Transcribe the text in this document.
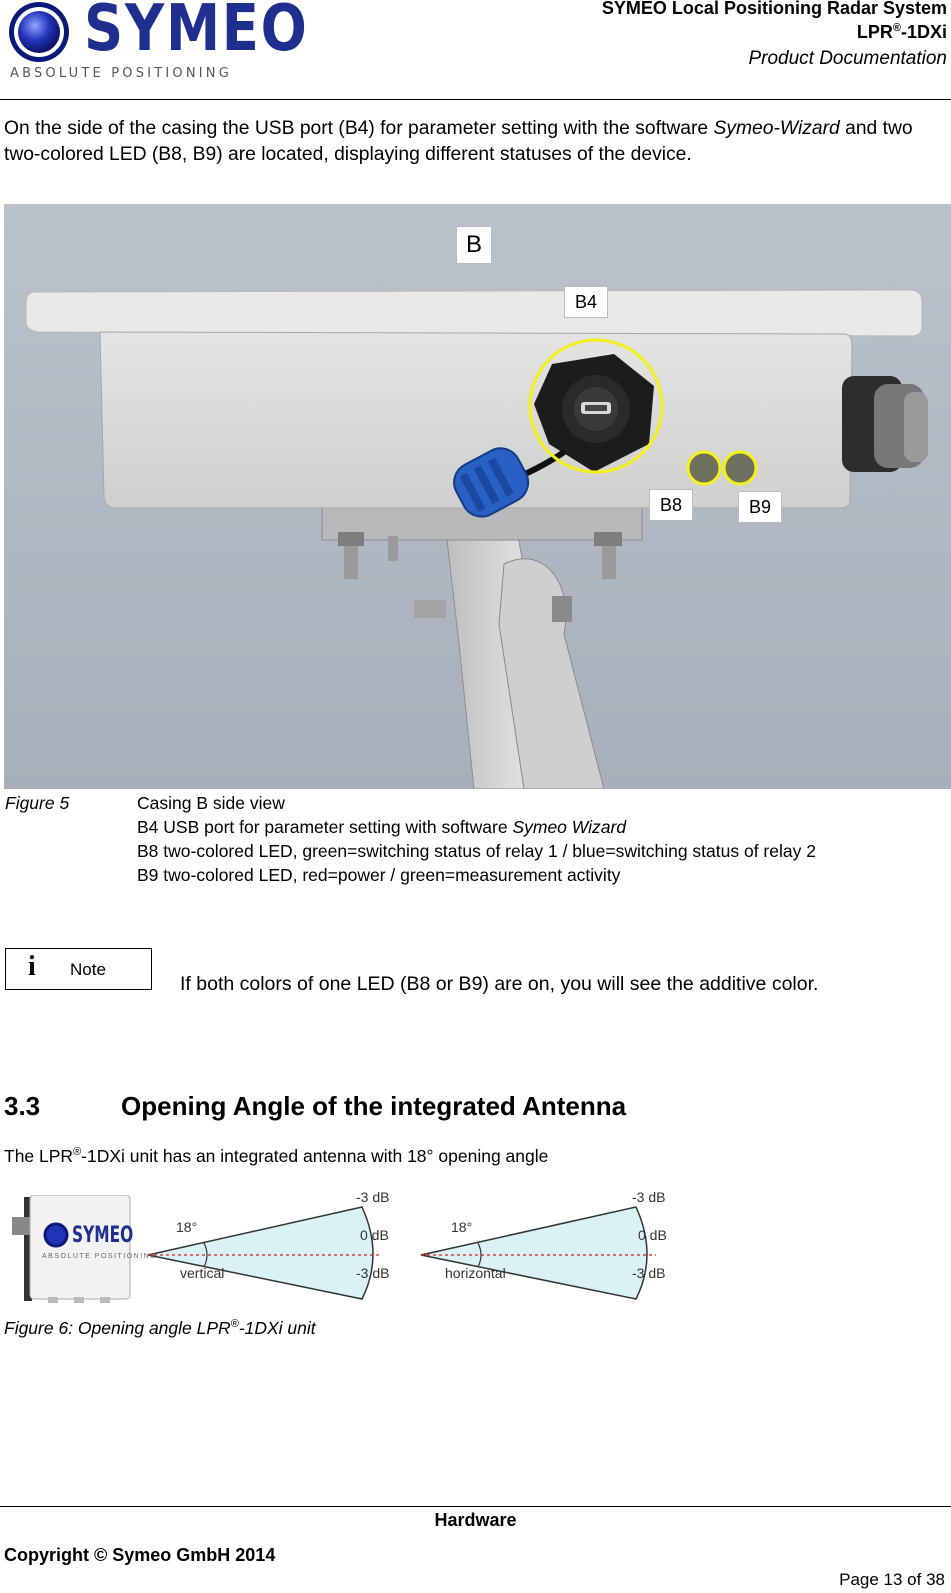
SYMEO
ABSOLUTE POSITIONING
SYMEO Local Positioning Radar System
LPR®-1DXi
Product Documentation
On the side of the casing the USB port (B4) for parameter setting with the software Symeo-Wizard and two two-colored LED (B8, B9) are located, displaying different statuses of the device.
B
B4
B8	B9
Figure 5	Casing B side view
B4 USB port for parameter setting with software Symeo Wizard
B8 two-colored LED, green=switching status of relay 1 / blue=switching status of relay 2
B9 two-colored LED, red=power / green=measurement activity
i Note
If both colors of one LED (B8 or B9) are on, you will see the additive color.
3.3	Opening Angle of the integrated Antenna
The LPR®-1DXi unit has an integrated antenna with 18° opening angle
SYMEO
ABSOLUTE POSITIONING
18°
-3 dB
0 dB
-3 dB
vertical
18°
-3 dB
0 dB
-3 dB
horizontal
Figure 6: Opening angle LPR®-1DXi unit
Hardware
Copyright © Symeo GmbH 2014
Page 13 of 38
